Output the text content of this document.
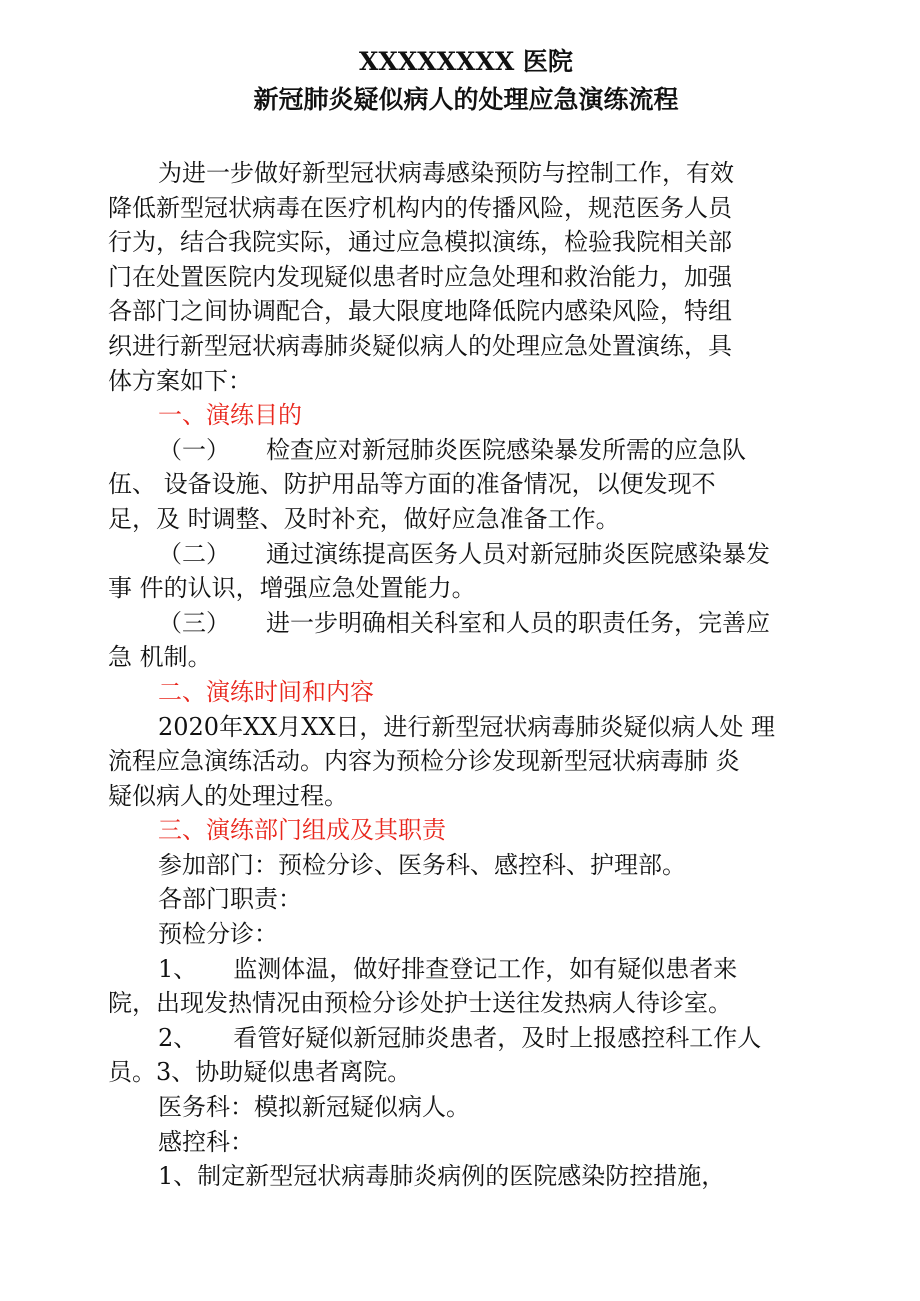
XXXXXXXX 医院
新冠肺炎疑似病人的处理应急演练流程

为进一步做好新型冠状病毒感染预防与控制工作，有效

降低新型冠状病毒在医疗机构内的传播风险，规范医务人员

行为，结合我院实际，通过应急模拟演练，检验我院相关部

门在处置医院内发现疑似患者时应急处理和救治能力，加强

各部门之间协调配合，最大限度地降低院内感染风险，特组

织进行新型冠状病毒肺炎疑似病人的处理应急处置演练，具

体方案如下：

一、演练目的

（一） 检查应对新冠肺炎医院感染暴发所需的应急队

伍、 设备设施、防护用品等方面的准备情况，以便发现不

足，及 时调整、及时补充，做好应急准备工作。

（二） 通过演练提高医务人员对新冠肺炎医院感染暴发

事 件的认识，增强应急处置能力。

（三） 进一步明确相关科室和人员的职责任务，完善应

急 机制。

二、演练时间和内容

2020年XX月XX日，进行新型冠状病毒肺炎疑似病人处 理

流程应急演练活动。内容为预检分诊发现新型冠状病毒肺 炎

疑似病人的处理过程。

三、演练部门组成及其职责

参加部门：预检分诊、医务科、感控科、护理部。

各部门职责：

预检分诊：

1、 监测体温，做好排查登记工作，如有疑似患者来

院，出现发热情况由预检分诊处护士送往发热病人待诊室。

2、 看管好疑似新冠肺炎患者，及时上报感控科工作人

员。3、协助疑似患者离院。

医务科：模拟新冠疑似病人。

感控科：

1、制定新型冠状病毒肺炎病例的医院感染防控措施，
